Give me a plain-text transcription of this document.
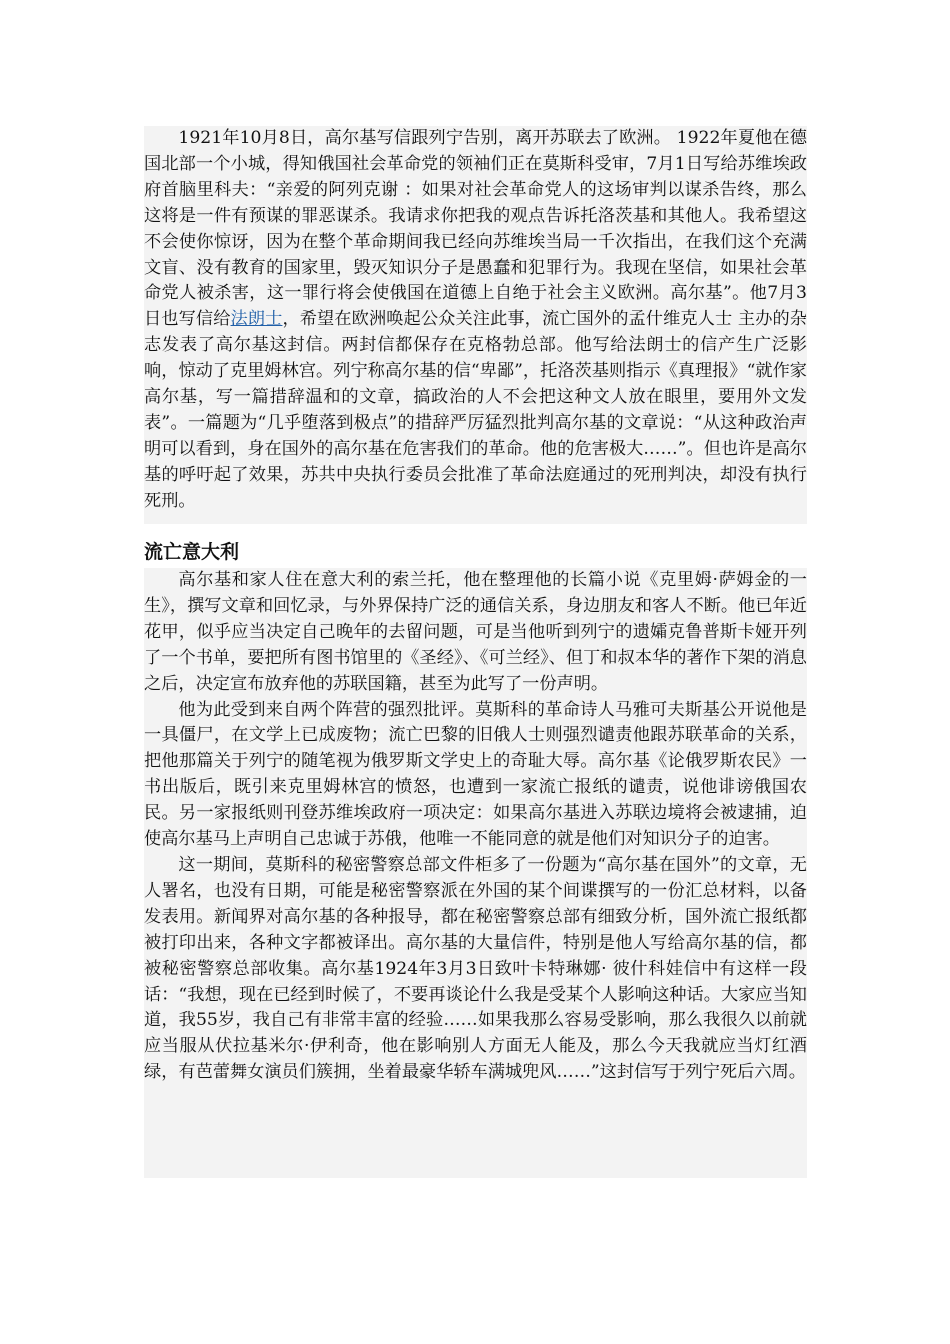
1921年10月8日，高尔基写信跟列宁告别，离开苏联去了欧洲。 1922年夏他在德国北部一个小城，得知俄国社会革命党的领袖们正在莫斯科受审，7月1日写给苏维埃政府首脑里科夫：“亲爱的阿列克谢 ：如果对社会革命党人的这场审判以谋杀告终，那么这将是一件有预谋的罪恶谋杀。我请求你把我的观点告诉托洛茨基和其他人。我希望这不会使你惊讶，因为在整个革命期间我已经向苏维埃当局一千次指出，在我们这个充满文盲、没有教育的国家里，毁灭知识分子是愚蠢和犯罪行为。我现在坚信，如果社会革命党人被杀害，这一罪行将会使俄国在道德上自绝于社会主义欧洲。高尔基”。他7月3日也写信给法朗士，希望在欧洲唤起公众关注此事，流亡国外的孟什维克人士 主办的杂志发表了高尔基这封信。两封信都保存在克格勃总部。他写给法朗士的信产生广泛影响，惊动了克里姆林宫。列宁称高尔基的信“卑鄙”，托洛茨基则指示《真理报》“就作家高尔基，写一篇措辞温和的文章，搞政治的人不会把这种文人放在眼里，要用外文发表”。一篇题为“几乎堕落到极点”的措辞严厉猛烈批判高尔基的文章说：“从这种政治声明可以看到，身在国外的高尔基在危害我们的革命。他的危害极大……”。但也许是高尔基的呼吁起了效果，苏共中央执行委员会批准了革命法庭通过的死刑判决，却没有执行死刑。

流亡意大利

高尔基和家人住在意大利的索兰托，他在整理他的长篇小说《克里姆·萨姆金的一生》，撰写文章和回忆录，与外界保持广泛的通信关系，身边朋友和客人不断。他已年近花甲，似乎应当决定自己晚年的去留问题，可是当他听到列宁的遗孀克鲁普斯卡娅开列了一个书单，要把所有图书馆里的《圣经》、《可兰经》、但丁和叔本华的著作下架的消息之后，决定宣布放弃他的苏联国籍，甚至为此写了一份声明。

他为此受到来自两个阵营的强烈批评。莫斯科的革命诗人马雅可夫斯基公开说他是一具僵尸，在文学上已成废物；流亡巴黎的旧俄人士则强烈谴责他跟苏联革命的关系，把他那篇关于列宁的随笔视为俄罗斯文学史上的奇耻大辱。高尔基《论俄罗斯农民》一书出版后，既引来克里姆林宫的愤怒，也遭到一家流亡报纸的谴责，说他诽谤俄国农民。另一家报纸则刊登苏维埃政府一项决定：如果高尔基进入苏联边境将会被逮捕，迫使高尔基马上声明自己忠诚于苏俄，他唯一不能同意的就是他们对知识分子的迫害。

这一期间，莫斯科的秘密警察总部文件柜多了一份题为“高尔基在国外”的文章，无人署名，也没有日期，可能是秘密警察派在外国的某个间谍撰写的一份汇总材料，以备发表用。新闻界对高尔基的各种报导，都在秘密警察总部有细致分析，国外流亡报纸都被打印出来，各种文字都被译出。高尔基的大量信件，特别是他人写给高尔基的信，都被秘密警察总部收集。高尔基1924年3月3日致叶卡特琳娜· 彼什科娃信中有这样一段话：“我想，现在已经到时候了，不要再谈论什么我是受某个人影响这种话。大家应当知道，我55岁，我自己有非常丰富的经验……如果我那么容易受影响，那么我很久以前就应当服从伏拉基米尔·伊利奇，他在影响别人方面无人能及，那么今天我就应当灯红酒绿，有芭蕾舞女演员们簇拥，坐着最豪华轿车满城兜风……”这封信写于列宁死后六周。
